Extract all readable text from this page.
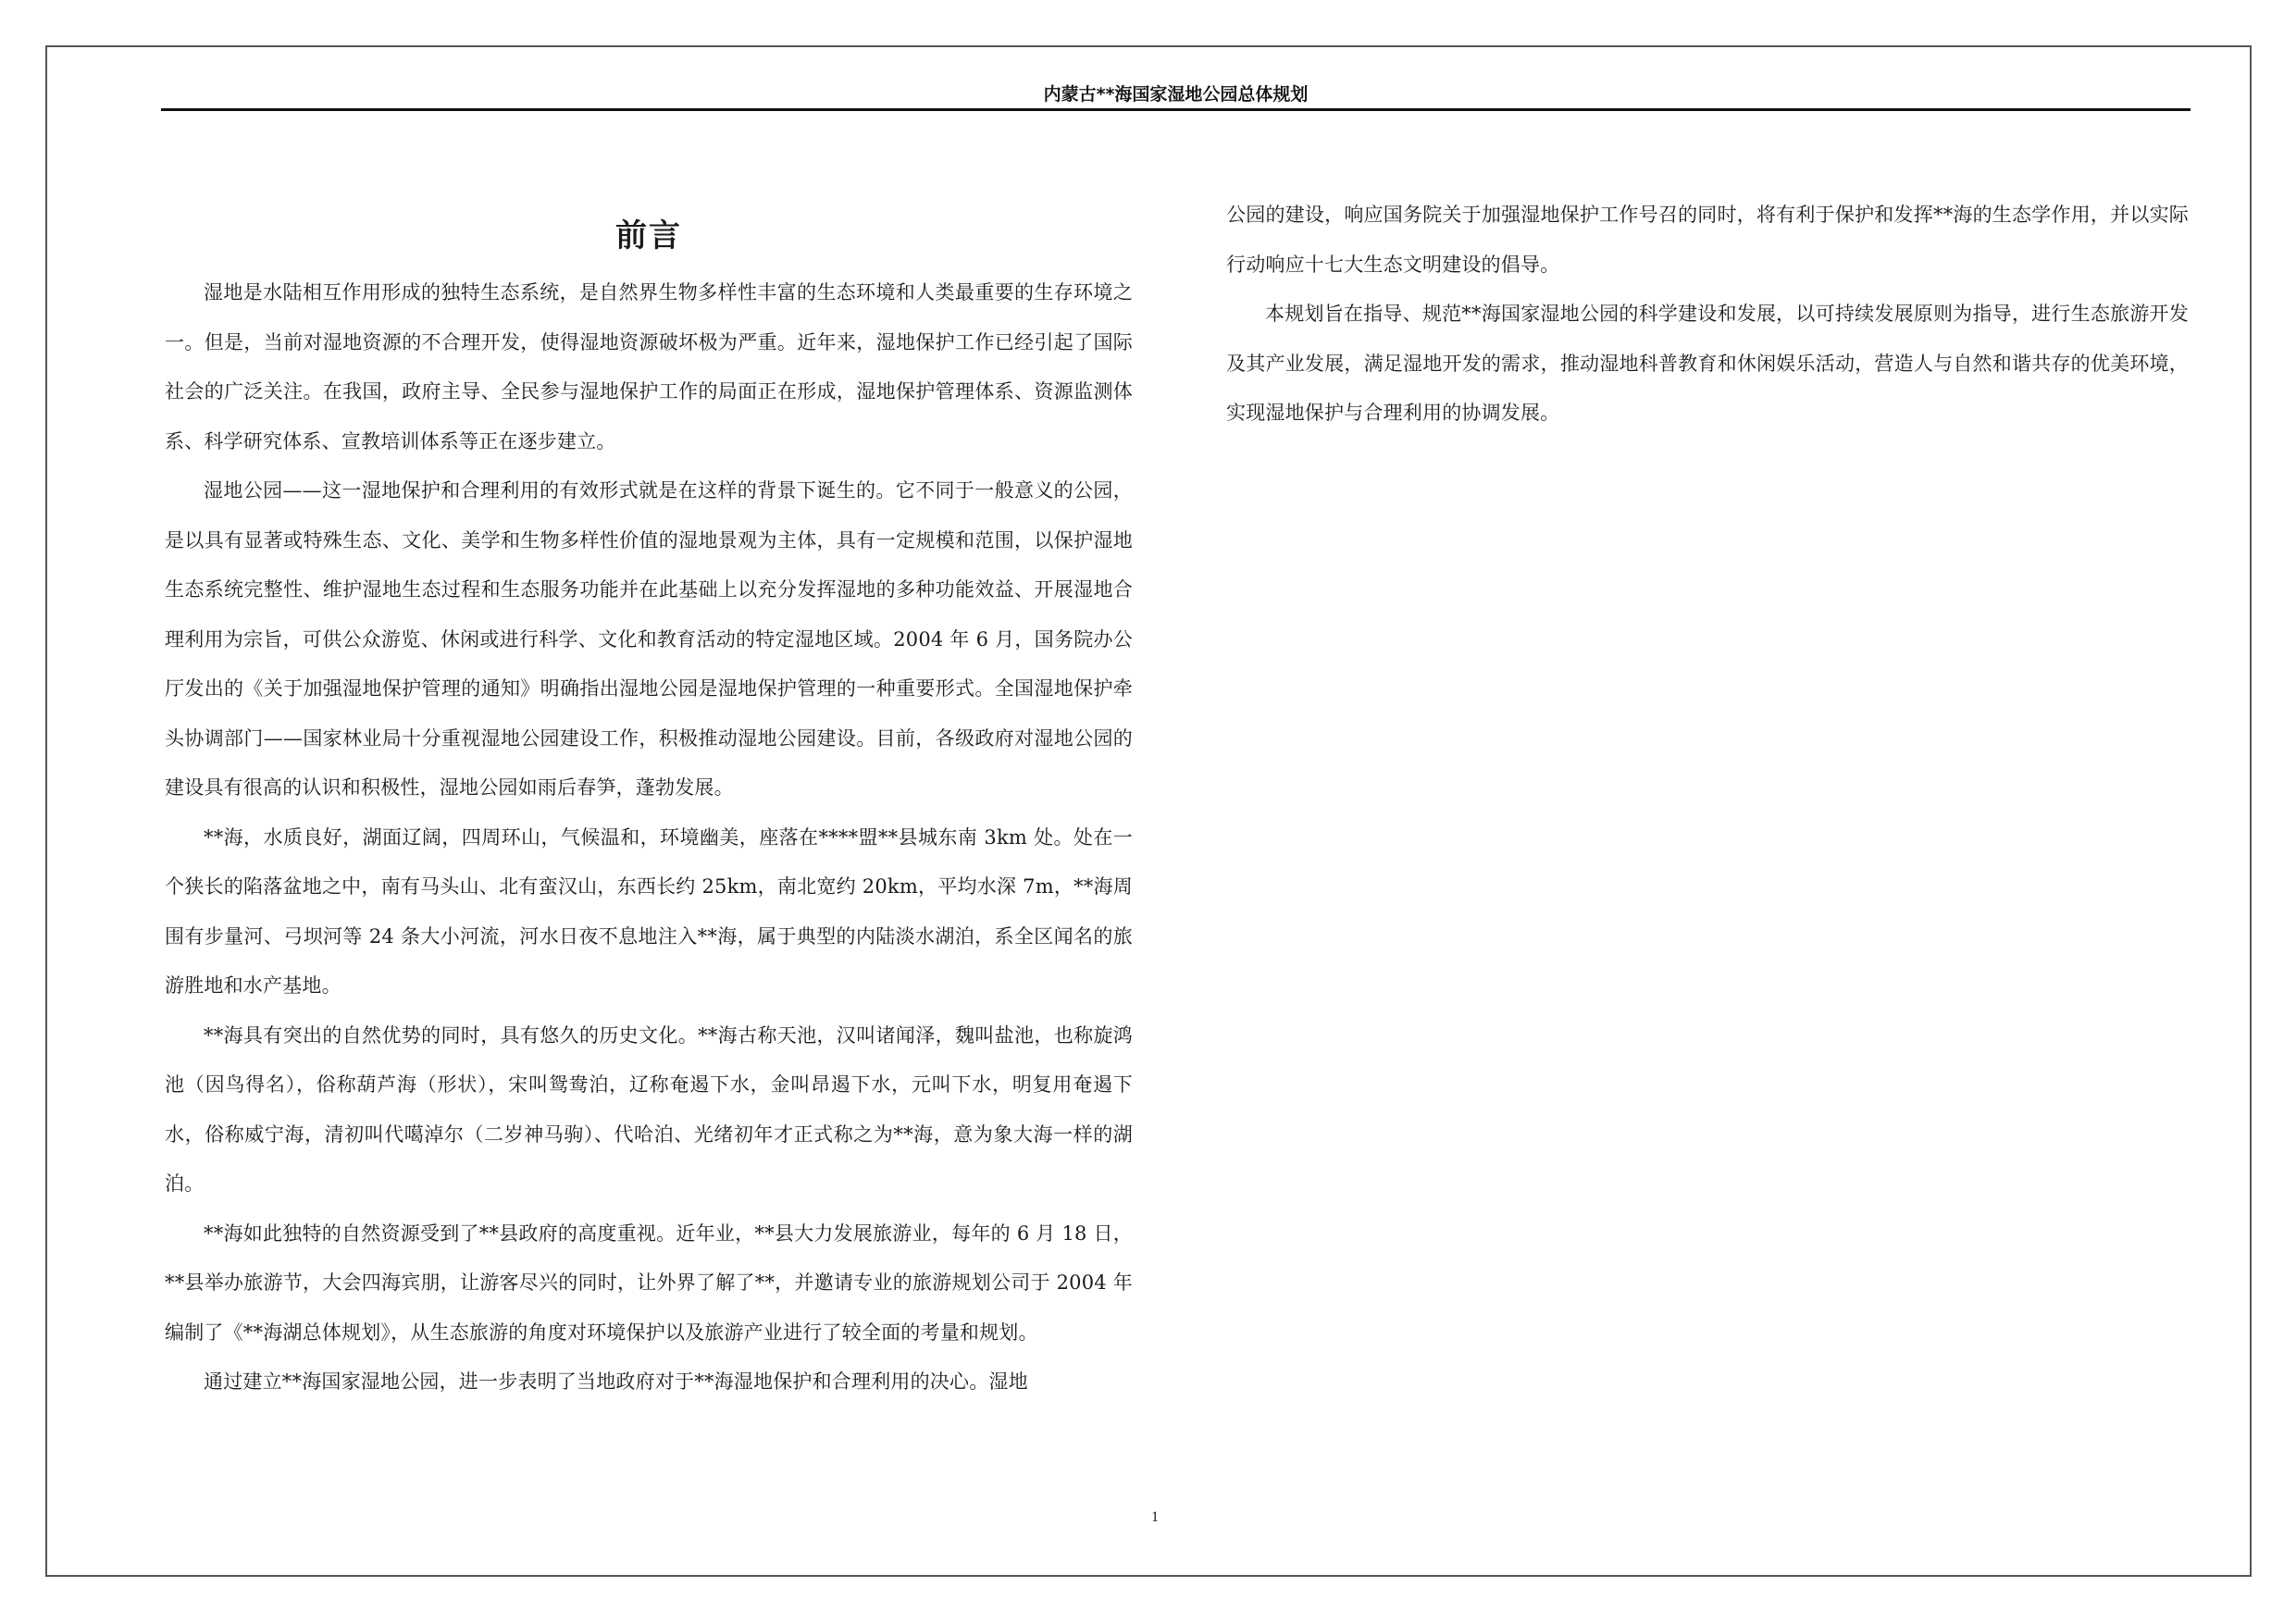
内蒙古**海国家湿地公园总体规划
前言

湿地是水陆相互作用形成的独特生态系统，是自然界生物多样性丰富的生态环境和人类最重要的生存环境之一。但是，当前对湿地资源的不合理开发，使得湿地资源破坏极为严重。近年来，湿地保护工作已经引起了国际社会的广泛关注。在我国，政府主导、全民参与湿地保护工作的局面正在形成，湿地保护管理体系、资源监测体系、科学研究体系、宣教培训体系等正在逐步建立。

湿地公园——这一湿地保护和合理利用的有效形式就是在这样的背景下诞生的。它不同于一般意义的公园，是以具有显著或特殊生态、文化、美学和生物多样性价值的湿地景观为主体，具有一定规模和范围，以保护湿地生态系统完整性、维护湿地生态过程和生态服务功能并在此基础上以充分发挥湿地的多种功能效益、开展湿地合理利用为宗旨，可供公众游览、休闲或进行科学、文化和教育活动的特定湿地区域。2004 年 6 月，国务院办公厅发出的《关于加强湿地保护管理的通知》明确指出湿地公园是湿地保护管理的一种重要形式。全国湿地保护牵头协调部门——国家林业局十分重视湿地公园建设工作，积极推动湿地公园建设。目前，各级政府对湿地公园的建设具有很高的认识和积极性，湿地公园如雨后春笋，蓬勃发展。

**海，水质良好，湖面辽阔，四周环山，气候温和，环境幽美，座落在****盟**县城东南 3km 处。处在一个狭长的陷落盆地之中，南有马头山、北有蛮汉山，东西长约 25km，南北宽约 20km，平均水深 7m，**海周围有步量河、弓坝河等 24 条大小河流，河水日夜不息地注入**海，属于典型的内陆淡水湖泊，系全区闻名的旅游胜地和水产基地。

**海具有突出的自然优势的同时，具有悠久的历史文化。**海古称天池，汉叫诸闻泽，魏叫盐池，也称旋鸿池（因鸟得名），俗称葫芦海（形状），宋叫鸳鸯泊，辽称奄遏下水，金叫昂遏下水，元叫下水，明复用奄遏下水，俗称威宁海，清初叫代噶淖尔（二岁神马驹）、代哈泊、光绪初年才正式称之为**海，意为象大海一样的湖泊。

**海如此独特的自然资源受到了**县政府的高度重视。近年业，**县大力发展旅游业，每年的 6 月 18 日，**县举办旅游节，大会四海宾朋，让游客尽兴的同时，让外界了解了**，并邀请专业的旅游规划公司于 2004 年编制了《**海湖总体规划》，从生态旅游的角度对环境保护以及旅游产业进行了较全面的考量和规划。

通过建立**海国家湿地公园，进一步表明了当地政府对于**海湿地保护和合理利用的决心。湿地

公园的建设，响应国务院关于加强湿地保护工作号召的同时，将有利于保护和发挥**海的生态学作用，并以实际行动响应十七大生态文明建设的倡导。

本规划旨在指导、规范**海国家湿地公园的科学建设和发展，以可持续发展原则为指导，进行生态旅游开发及其产业发展，满足湿地开发的需求，推动湿地科普教育和休闲娱乐活动，营造人与自然和谐共存的优美环境，实现湿地保护与合理利用的协调发展。

1
